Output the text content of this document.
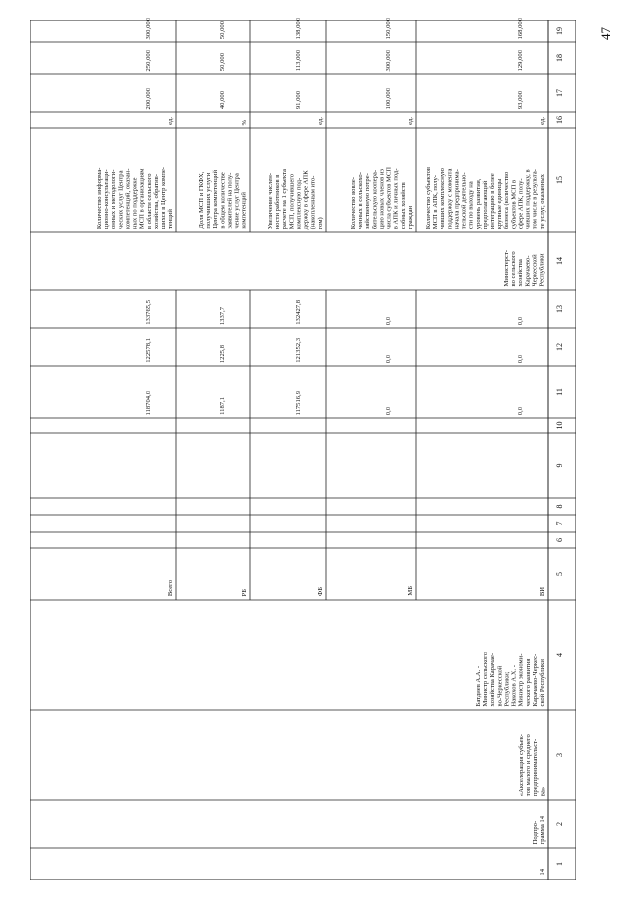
47
1
2
3
4
5
6
7
8
9
10
11
12
13
14
15
16
17
18
19
14
Подпро-
грамма 14
«Акселерация субъек-
тов малого и среднего
предпринимательст-
ва»
Батдиев А.А. -
Министр сельского
хозяйства Карачае-
во-Черкесской
Республики;
Накохов А.Х. -
Министр экономи-
ческого развития
Карачаево-Черкес-
ской Республики
Министерст-
во сельского
хозяйства
Карачаево-
Черкесской
Республики
Всего
118704,0
122578,1
133765,5
Количество информа-
ционно-консультаци-
онных и методологи-
ческих услуг Центра
компетенций, оказан-
ных по поддержке
МСП в организациям
в области сельского
хозяйства, обратив-
шихся в Центр компе-
тенций
ед.
200,000
250,000
300,000
РБ
1187,1
1225,8
1337,7
Доля МСП и ГКФХ,
получивших услуги
Центра компетенций
в общем количестве
заявителей на полу-
чение услуг Центра
компетенций
%
40,000
50,000
50,000
ФБ
117516,9
121352,3
132427,8
Увеличение числен-
ности работников в
расчете на 1 субъекта
МСП, получившего
комплексную под-
держку в сфере АПК
(накопленным ито-
гом)
ед.
91,000
113,000
138,000
МБ
0,0
0,0
0,0
Количество вовле-
ченных в сельскохо-
зяйственную потре-
бительскую коопера-
цию новых членов из
числа субъектов МСП
в АПК и личных под-
собных хозяйств
граждан
ед.
100,000
300,000
150,000
ВИ
0,0
0,0
0,0
Количество субъектов
МСП в АПК, полу-
чивших комплексную
поддержку с момента
начала предпринима-
тельской деятельно-
сти по выходу на
уровень развития,
предполагающий
интеграцию в более
крупные единицы
бизнеса (количество
субъектов МСП в
сфере АПК, полу-
чивших поддержку, в
том числе в результа-
те услуг, оказанных
ед.
93,000
129,000
168,000
